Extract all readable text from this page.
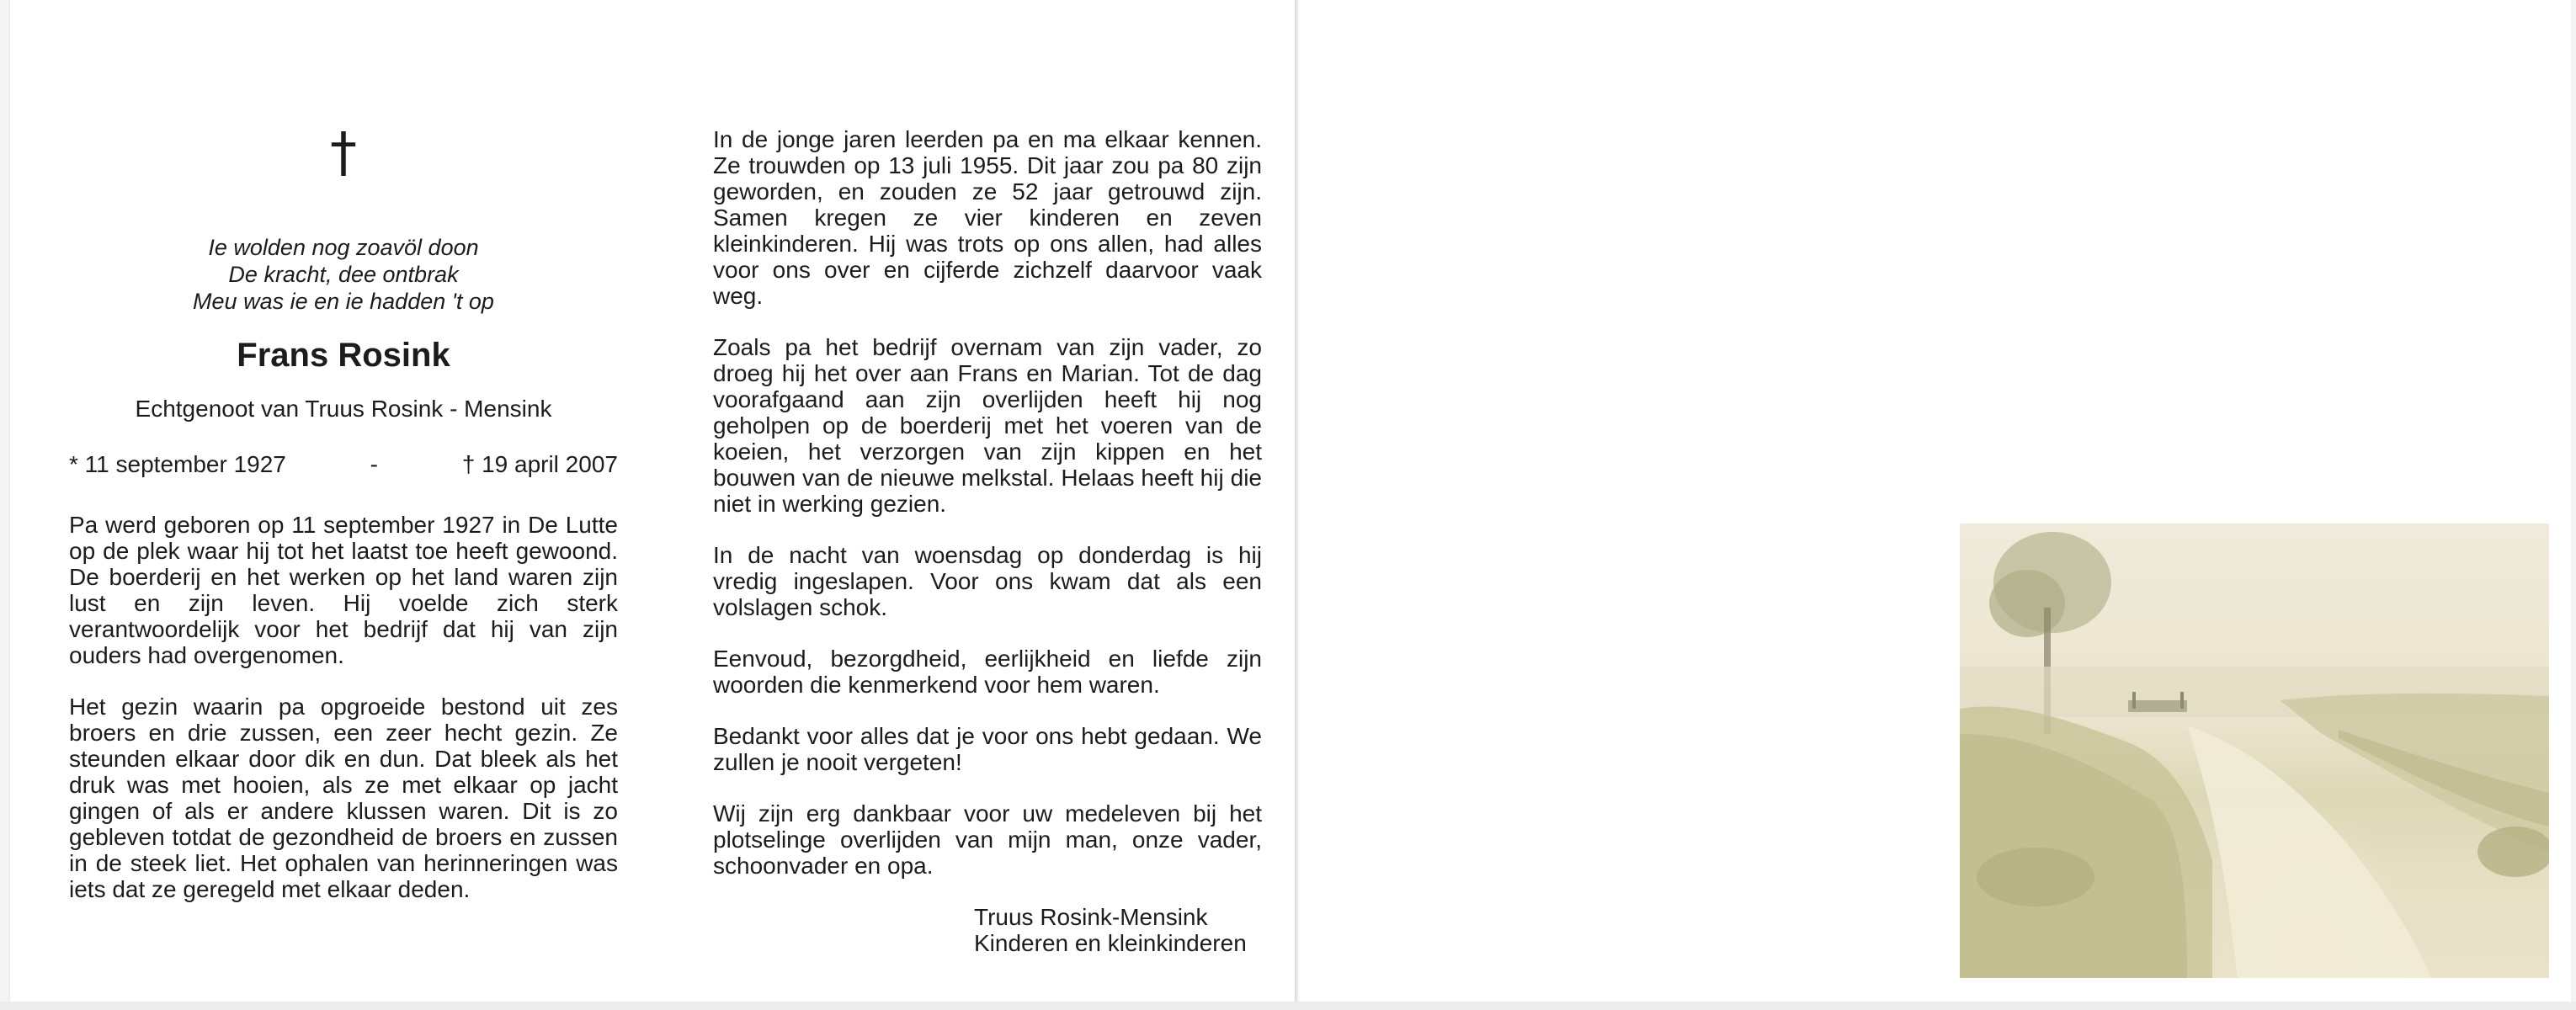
†
Ie wolden nog zoavöl doon
De kracht, dee ontbrak
Meu was ie en ie hadden 't op
Frans Rosink
Echtgenoot van Truus Rosink - Mensink
* 11 september 1927	-	† 19 april 2007

Pa werd geboren op 11 september 1927 in De Lutte op de plek waar hij tot het laatst toe heeft gewoond. De boerderij en het werken op het land waren zijn lust en zijn leven. Hij voelde zich sterk verantwoordelijk voor het bedrijf dat hij van zijn ouders had overgenomen.

Het gezin waarin pa opgroeide bestond uit zes broers en drie zussen, een zeer hecht gezin. Ze steunden elkaar door dik en dun. Dat bleek als het druk was met hooien, als ze met elkaar op jacht gingen of als er andere klussen waren. Dit is zo gebleven totdat de gezondheid de broers en zussen in de steek liet. Het ophalen van herinneringen was iets dat ze geregeld met elkaar deden.

In de jonge jaren leerden pa en ma elkaar kennen. Ze trouwden op 13 juli 1955. Dit jaar zou pa 80 zijn geworden, en zouden ze 52 jaar getrouwd zijn. Samen kregen ze vier kinderen en zeven kleinkinderen. Hij was trots op ons allen, had alles voor ons over en cijferde zichzelf daarvoor vaak weg.

Zoals pa het bedrijf overnam van zijn vader, zo droeg hij het over aan Frans en Marian. Tot de dag voorafgaand aan zijn overlijden heeft hij nog geholpen op de boerderij met het voeren van de koeien, het verzorgen van zijn kippen en het bouwen van de nieuwe melkstal. Helaas heeft hij die niet in werking gezien.

In de nacht van woensdag op donderdag is hij vredig ingeslapen. Voor ons kwam dat als een volslagen schok.

Eenvoud, bezorgdheid, eerlijkheid en liefde zijn woorden die kenmerkend voor hem waren.

Bedankt voor alles dat je voor ons hebt gedaan. We zullen je nooit vergeten!

Wij zijn erg dankbaar voor uw medeleven bij het plotselinge overlijden van mijn man, onze vader, schoonvader en opa.

Truus Rosink-Mensink
Kinderen en kleinkinderen
